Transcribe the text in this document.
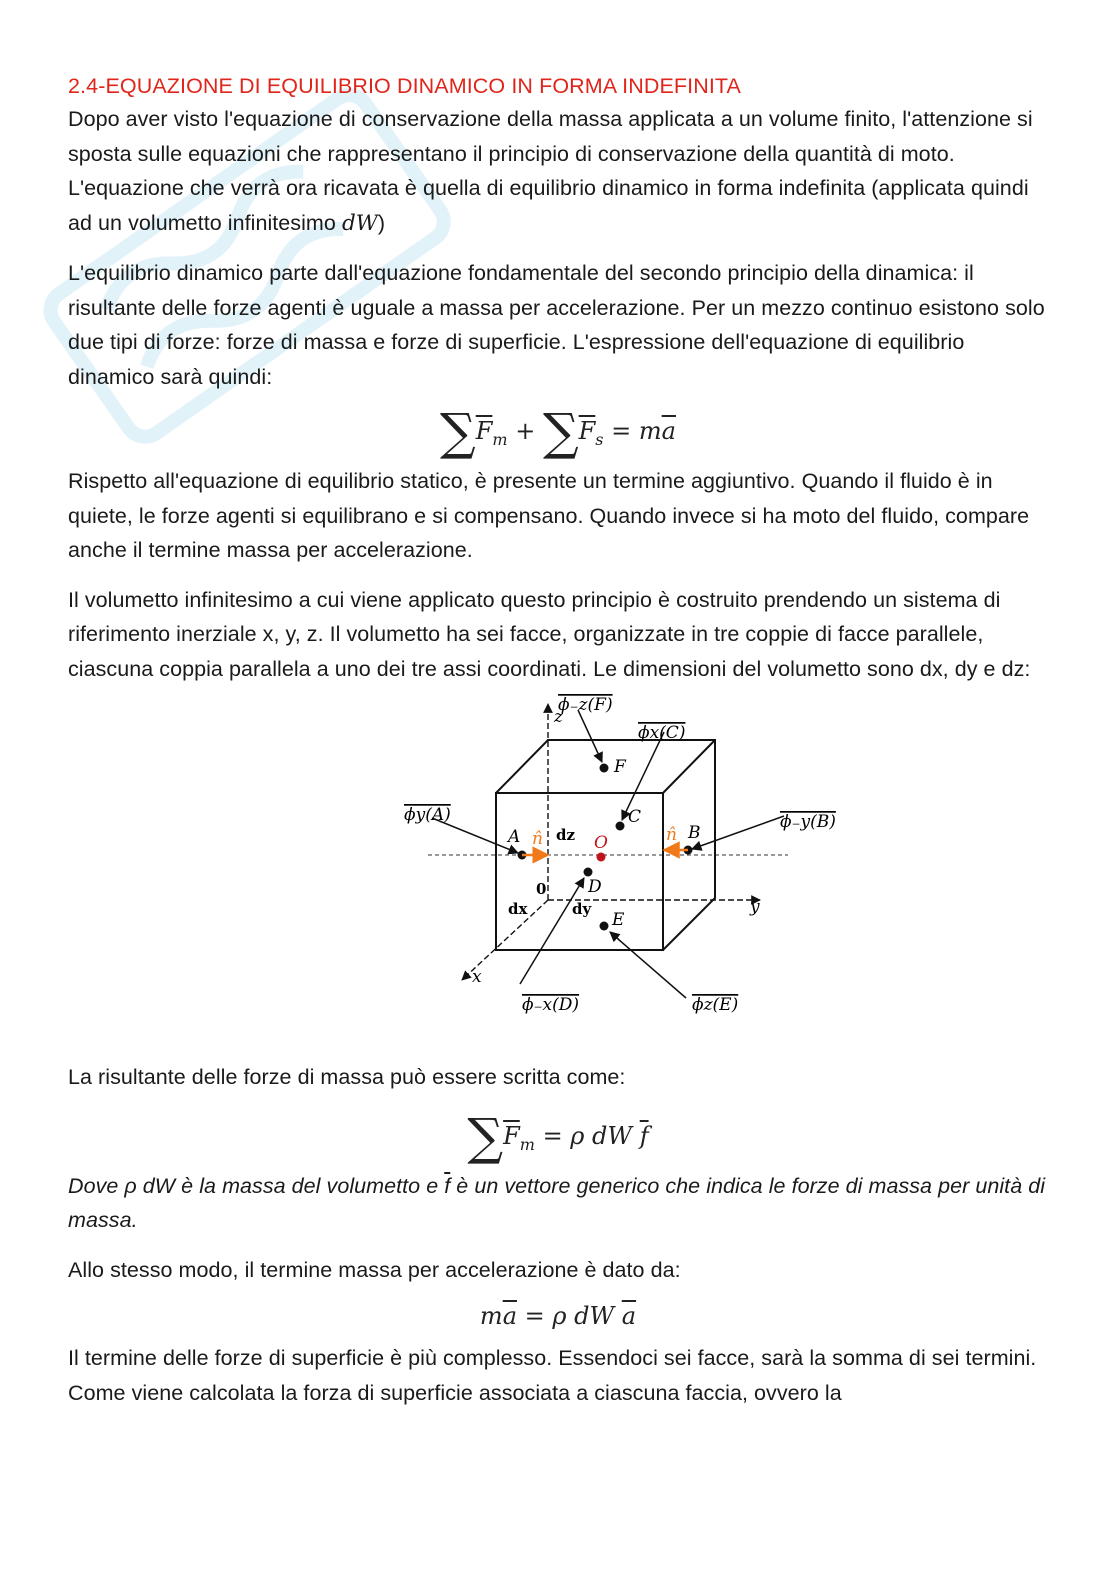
2.4-EQUAZIONE DI EQUILIBRIO DINAMICO IN FORMA INDEFINITA

Dopo aver visto l'equazione di conservazione della massa applicata a un volume finito, l'attenzione si sposta sulle equazioni che rappresentano il principio di conservazione della quantità di moto. L'equazione che verrà ora ricavata è quella di equilibrio dinamico in forma indefinita (applicata quindi ad un volumetto infinitesimo dW)

L'equilibrio dinamico parte dall'equazione fondamentale del secondo principio della dinamica: il risultante delle forze agenti è uguale a massa per accelerazione. Per un mezzo continuo esistono solo due tipi di forze: forze di massa e forze di superficie. L'espressione dell'equazione di equilibrio dinamico sarà quindi:

$\sum\overline{F}_m + \sum\overline{F}_s = m\overline{a}$

Rispetto all'equazione di equilibrio statico, è presente un termine aggiuntivo. Quando il fluido è in quiete, le forze agenti si equilibrano e si compensano. Quando invece si ha moto del fluido, compare anche il termine massa per accelerazione.

Il volumetto infinitesimo a cui viene applicato questo principio è costruito prendendo un sistema di riferimento inerziale x, y, z. Il volumetto ha sei facce, organizzate in tre coppie di facce parallele, ciascuna coppia parallela a uno dei tre assi coordinati. Le dimensioni del volumetto sono dx, dy e dz:

z
y
x
dz
dx	dy
0
A	B
C
D
E
F
O
n̂	n̂
ϕ₋z(F)
ϕx(C)
ϕy(A)	ϕ₋y(B)
ϕ₋x(D)	ϕz(E)

La risultante delle forze di massa può essere scritta come:

$\sum\overline{F}_m = \rho$ dW $\overline{f}$

Dove ρ dW è la massa del volumetto e $\overline{f}$ è un vettore generico che indica le forze di massa per unità di massa.

Allo stesso modo, il termine massa per accelerazione è dato da:

$m\overline{a} = \rho$ dW $\overline{a}$

Il termine delle forze di superficie è più complesso. Essendoci sei facce, sarà la somma di sei termini. Come viene calcolata la forza di superficie associata a ciascuna faccia, ovvero la
